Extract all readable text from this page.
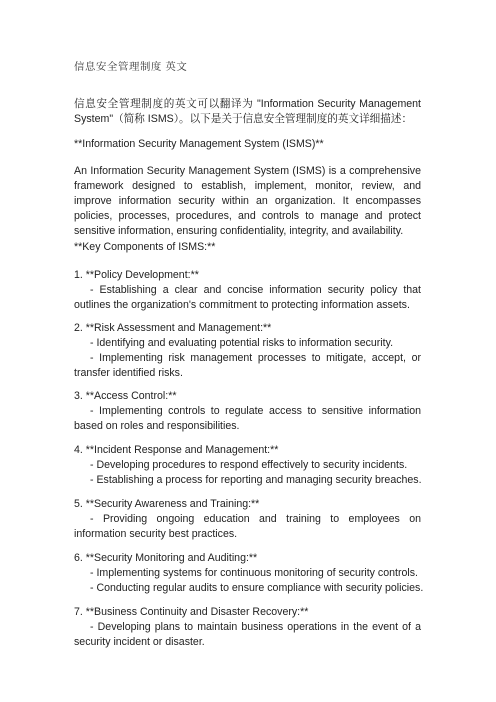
信息安全管理制度 英文

信息安全管理制度的英文可以翻译为 "Information Security Management System"（简称 ISMS）。以下是关于信息安全管理制度的英文详细描述：

**Information Security Management System (ISMS)**

An Information Security Management System (ISMS) is a comprehensive framework designed to establish, implement, monitor, review, and improve information security within an organization. It encompasses policies, processes, procedures, and controls to manage and protect sensitive information, ensuring confidentiality, integrity, and availability.

**Key Components of ISMS:**
1. **Policy Development:**

- Establishing a clear and concise information security policy that outlines the organization's commitment to protecting information assets.

2. **Risk Assessment and Management:**
- Identifying and evaluating potential risks to information security.

- Implementing risk management processes to mitigate, accept, or transfer identified risks.

3. **Access Control:**

- Implementing controls to regulate access to sensitive information based on roles and responsibilities.

4. **Incident Response and Management:**
- Developing procedures to respond effectively to security incidents.
- Establishing a process for reporting and managing security breaches.
5. **Security Awareness and Training:**

- Providing ongoing education and training to employees on information security best practices.

6. **Security Monitoring and Auditing:**
- Implementing systems for continuous monitoring of security controls.
- Conducting regular audits to ensure compliance with security policies.
7. **Business Continuity and Disaster Recovery:**

- Developing plans to maintain business operations in the event of a security incident or disaster.
